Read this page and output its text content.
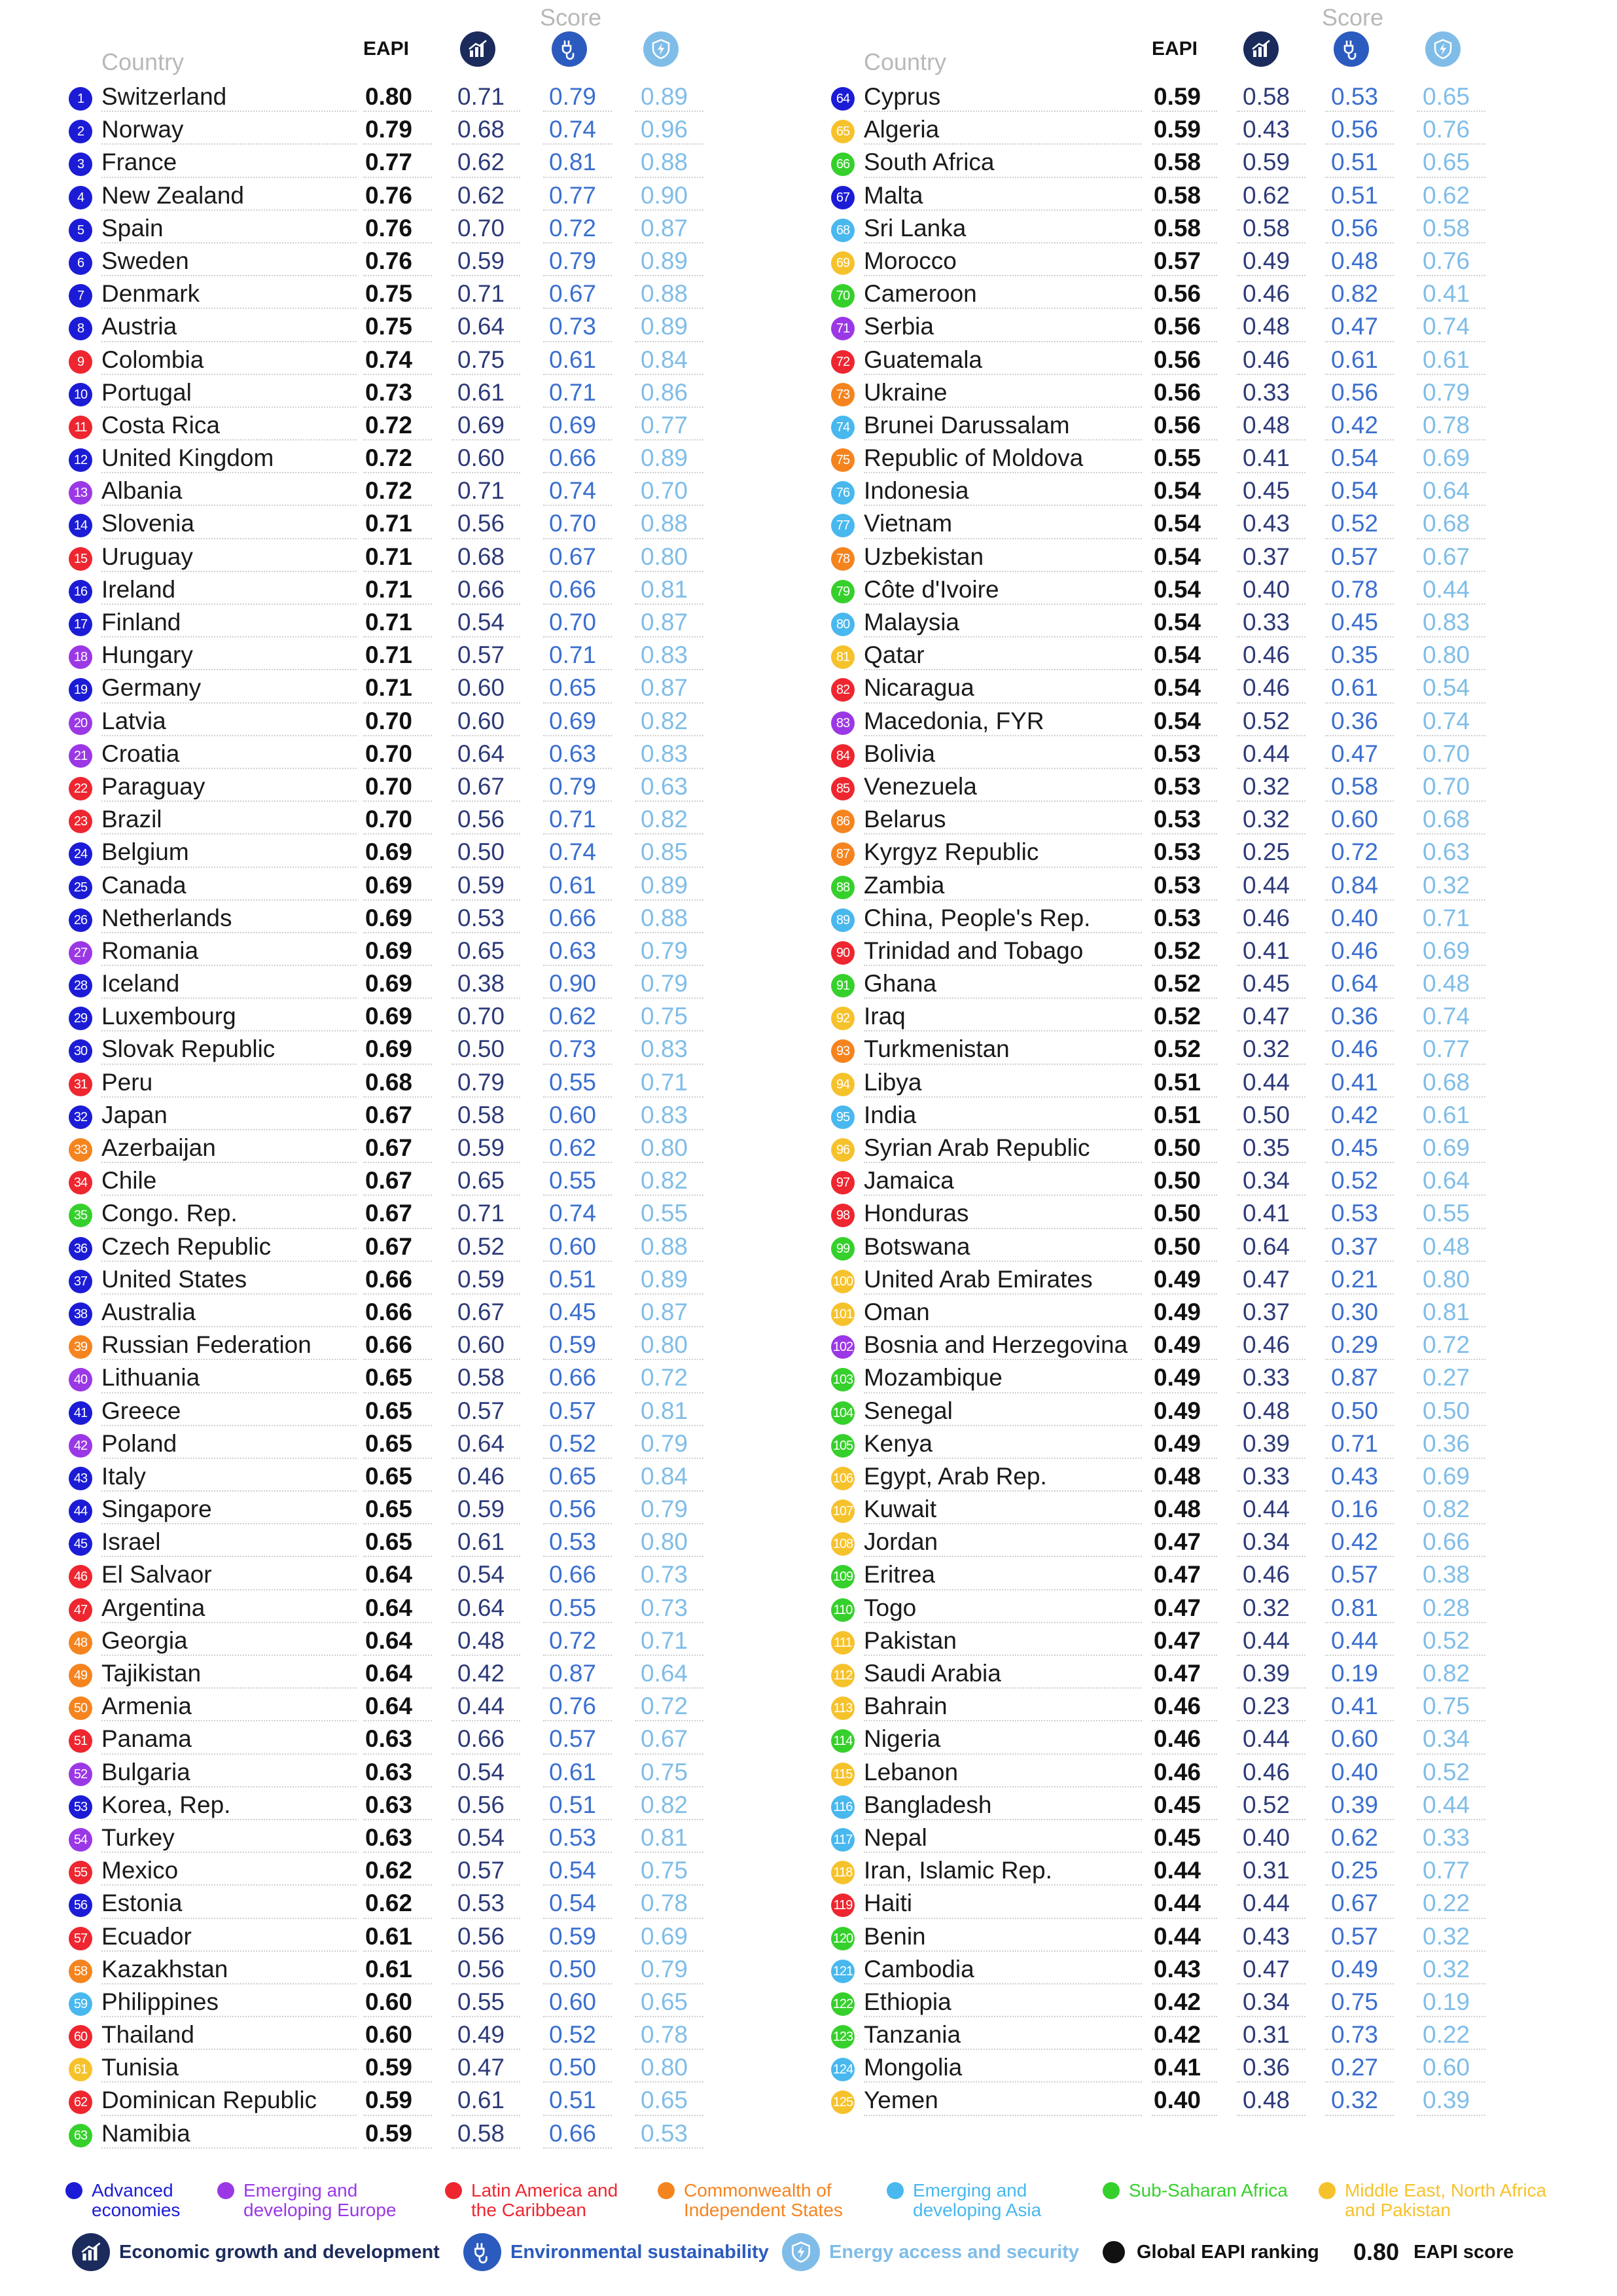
Score
Country	EAPI
1 Switzerland	0.80 0.71 0.79 0.89
2 Norway	0.79 0.68 0.74 0.96
3 France	0.77 0.62 0.81 0.88
4 New Zealand	0.76 0.62 0.77 0.90
5 Spain	0.76 0.70 0.72 0.87
6 Sweden	0.76 0.59 0.79 0.89
7 Denmark	0.75 0.71 0.67 0.88
8 Austria	0.75 0.64 0.73 0.89
9 Colombia	0.74 0.75 0.61 0.84
10 Portugal	0.73 0.61 0.71 0.86
11 Costa Rica	0.72 0.69 0.69 0.77
12 United Kingdom	0.72 0.60 0.66 0.89
13 Albania	0.72 0.71 0.74 0.70
14 Slovenia	0.71 0.56 0.70 0.88
15 Uruguay	0.71 0.68 0.67 0.80
16 Ireland	0.71 0.66 0.66 0.81
17 Finland	0.71 0.54 0.70 0.87
18 Hungary	0.71 0.57 0.71 0.83
19 Germany	0.71 0.60 0.65 0.87
20 Latvia	0.70 0.60 0.69 0.82
21 Croatia	0.70 0.64 0.63 0.83
22 Paraguay	0.70 0.67 0.79 0.63
23 Brazil	0.70 0.56 0.71 0.82
24 Belgium	0.69 0.50 0.74 0.85
25 Canada	0.69 0.59 0.61 0.89
26 Netherlands	0.69 0.53 0.66 0.88
27 Romania	0.69 0.65 0.63 0.79
28 Iceland	0.69 0.38 0.90 0.79
29 Luxembourg	0.69 0.70 0.62 0.75
30 Slovak Republic	0.69 0.50 0.73 0.83
31 Peru	0.68 0.79 0.55 0.71
32 Japan	0.67 0.58 0.60 0.83
33 Azerbaijan	0.67 0.59 0.62 0.80
34 Chile	0.67 0.65 0.55 0.82
35 Congo. Rep.	0.67 0.71 0.74 0.55
36 Czech Republic	0.67 0.52 0.60 0.88
37 United States	0.66 0.59 0.51 0.89
38 Australia	0.66 0.67 0.45 0.87
39 Russian Federation 0.66 0.60 0.59 0.80
40 Lithuania	0.65 0.58 0.66 0.72
41 Greece	0.65 0.57 0.57 0.81
42 Poland	0.65 0.64 0.52 0.79
43 Italy	0.65 0.46 0.65 0.84
44 Singapore	0.65 0.59 0.56 0.79
45 Israel	0.65 0.61 0.53 0.80
46 El Salvaor	0.64 0.54 0.66 0.73
47 Argentina	0.64 0.64 0.55 0.73
48 Georgia	0.64 0.48 0.72 0.71
49 Tajikistan	0.64 0.42 0.87 0.64
50 Armenia	0.64 0.44 0.76 0.72
51 Panama	0.63 0.66 0.57 0.67
52 Bulgaria	0.63 0.54 0.61 0.75
53 Korea, Rep.	0.63 0.56 0.51 0.82
54 Turkey	0.63 0.54 0.53 0.81
55 Mexico	0.62 0.57 0.54 0.75
56 Estonia	0.62 0.53 0.54 0.78
57 Ecuador	0.61 0.56 0.59 0.69
58 Kazakhstan	0.61 0.56 0.50 0.79
59 Philippines	0.60 0.55 0.60 0.65
60 Thailand	0.60 0.49 0.52 0.78
61 Tunisia	0.59 0.47 0.50 0.80
62 Dominican Republic 0.59 0.61 0.51 0.65
63 Namibia	0.59 0.58 0.66 0.53
Score
Country	EAPI
64 Cyprus	0.59 0.58 0.53 0.65
65 Algeria	0.59 0.43 0.56 0.76
66 South Africa	0.58 0.59 0.51 0.65
67 Malta	0.58 0.62 0.51 0.62
68 Sri Lanka	0.58 0.58 0.56 0.58
69 Morocco	0.57 0.49 0.48 0.76
70 Cameroon	0.56 0.46 0.82 0.41
71 Serbia	0.56 0.48 0.47 0.74
72 Guatemala	0.56 0.46 0.61 0.61
73 Ukraine	0.56 0.33 0.56 0.79
74 Brunei Darussalam	0.56 0.48 0.42 0.78
75 Republic of Moldova	0.55 0.41 0.54 0.69
76 Indonesia	0.54 0.45 0.54 0.64
77 Vietnam	0.54 0.43 0.52 0.68
78 Uzbekistan	0.54 0.37 0.57 0.67
79 Côte d'Ivoire	0.54 0.40 0.78 0.44
80 Malaysia	0.54 0.33 0.45 0.83
81 Qatar	0.54 0.46 0.35 0.80
82 Nicaragua	0.54 0.46 0.61 0.54
83 Macedonia, FYR	0.54 0.52 0.36 0.74
84 Bolivia	0.53 0.44 0.47 0.70
85 Venezuela	0.53 0.32 0.58 0.70
86 Belarus	0.53 0.32 0.60 0.68
87 Kyrgyz Republic	0.53 0.25 0.72 0.63
88 Zambia	0.53 0.44 0.84 0.32
89 China, People's Rep.	0.53 0.46 0.40 0.71
90 Trinidad and Tobago	0.52 0.41 0.46 0.69
91 Ghana	0.52 0.45 0.64 0.48
92 Iraq	0.52 0.47 0.36 0.74
93 Turkmenistan	0.52 0.32 0.46 0.77
94 Libya	0.51 0.44 0.41 0.68
95 India	0.51 0.50 0.42 0.61
96 Syrian Arab Republic	0.50 0.35 0.45 0.69
97 Jamaica	0.50 0.34 0.52 0.64
98 Honduras	0.50 0.41 0.53 0.55
99 Botswana	0.50 0.64 0.37 0.48
100 United Arab Emirates	0.49 0.47 0.21 0.80
101 Oman	0.49 0.37 0.30 0.81
102 Bosnia and Herzegovina 0.49 0.46 0.29 0.72
103 Mozambique	0.49 0.33 0.87 0.27
104 Senegal	0.49 0.48 0.50 0.50
105 Kenya	0.49 0.39 0.71 0.36
106 Egypt, Arab Rep.	0.48 0.33 0.43 0.69
107 Kuwait	0.48 0.44 0.16 0.82
108 Jordan	0.47 0.34 0.42 0.66
109 Eritrea	0.47 0.46 0.57 0.38
110 Togo	0.47 0.32 0.81 0.28
111 Pakistan	0.47 0.44 0.44 0.52
112 Saudi Arabia	0.47 0.39 0.19 0.82
113 Bahrain	0.46 0.23 0.41 0.75
114 Nigeria	0.46 0.44 0.60 0.34
115 Lebanon	0.46 0.46 0.40 0.52
116 Bangladesh	0.45 0.52 0.39 0.44
117 Nepal	0.45 0.40 0.62 0.33
118 Iran, Islamic Rep.	0.44 0.31 0.25 0.77
119 Haiti	0.44 0.44 0.67 0.22
120 Benin	0.44 0.43 0.57 0.32
121 Cambodia	0.43 0.47 0.49 0.32
122 Ethiopia	0.42 0.34 0.75 0.19
123 Tanzania	0.42 0.31 0.73 0.22
124 Mongolia	0.41 0.36 0.27 0.60
125 Yemen	0.40 0.48 0.32 0.39
Advanced economies
Emerging and developing Europe
Latin America and the Caribbean
Commonwealth of Independent States
Emerging and developing Asia
Sub-Saharan Africa	Middle East, North Africa and Pakistan
Economic growth and development	Environmental sustainability	Energy access and security	Global EAPI ranking 0.80 EAPI score
